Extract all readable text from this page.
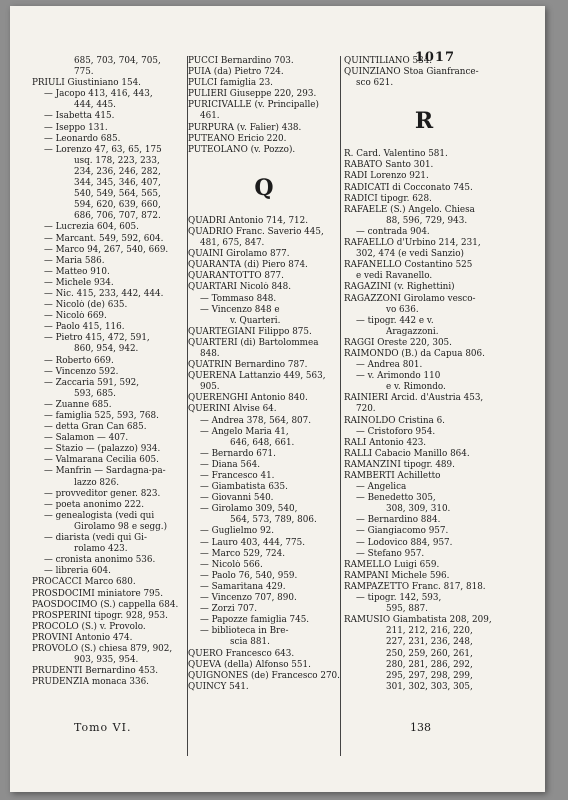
1017
685, 703, 704, 705,
775.
PRIULI Giustiniano 154.
— Jacopo 413, 416, 443,
444, 445.
— Isabetta 415.
— Iseppo 131.
— Leonardo 685.
— Lorenzo 47, 63, 65, 175
usq. 178, 223, 233,
234, 236, 246, 282,
344, 345, 346, 407,
540, 549, 564, 565,
594, 620, 639, 660,
686, 706, 707, 872.
— Lucrezia 604, 605.
— Marcant. 549, 592, 604.
— Marco 94, 267, 540, 669.
— Maria 586.
— Matteo 910.
— Michele 934.
— Nic. 415, 233, 442, 444.
— Nicolò (de) 635.
— Nicolò 669.
— Paolo 415, 116.
— Pietro 415, 472, 591,
860, 954, 942.
— Roberto 669.
— Vincenzo 592.
— Zaccaria 591, 592,
593, 685.
— Zuanne 685.
— famiglia 525, 593, 768.
— detta Gran Can 685.
— Salamon — 407.
— Stazio — (palazzo) 934.
— Valmarana Cecilia 605.
— Manfrin — Sardagna-pa-
lazzo 826.
— provveditor gener. 823.
— poeta anonimo 222.
— genealogista (vedi qui
Girolamo 98 e segg.)
— diarista (vedi qui Gi-
rolamo 423.
— cronista anonimo 536.
— libreria 604.
PROCACCI Marco 680.
PROSDOCIMI miniatore 795.
PAOSDOCIMO (S.) cappella 684.
PROSPERINI tipogr. 928, 953.
PROCOLO (S.) v. Provolo.
PROVINI Antonio 474.
PROVOLO (S.) chiesa 879, 902,
903, 935, 954.
PRUDENTI Bernardino 453.
PRUDENZIA monaca 336.
PUCCI Bernardino 703.
PUIA (da) Pietro 724.
PULCI famiglia 23.
PULIERI Giuseppe 220, 293.
PURICIVALLE (v. Principalle)
461.
PURPURA (v. Falier) 438.
PUTEANO Ericio 220.
PUTEOLANO (v. Pozzo).
Q
QUADRI Antonio 714, 712.
QUADRIO Franc. Saverio 445,
481, 675, 847.
QUAINI Girolamo 877.
QUARANTA (di) Piero 874.
QUARANTOTTO 877.
QUARTARI Nicolò 848.
— Tommaso 848.
— Vincenzo 848 e
v. Quarteri.
QUARTEGIANI Filippo 875.
QUARTERI (di) Bartolommea
848.
QUATRIN Bernardino 787.
QUERENA Lattanzio 449, 563,
905.
QUERENGHI Antonio 840.
QUERINI Alvise 64.
— Andrea 378, 564, 807.
— Angelo Maria 41,
646, 648, 661.
— Bernardo 671.
— Diana 564.
— Francesco 41.
— Giambatista 635.
— Giovanni 540.
— Girolamo 309, 540,
564, 573, 789, 806.
— Guglielmo 92.
— Lauro 403, 444, 775.
— Marco 529, 724.
— Nicolò 566.
— Paolo 76, 540, 959.
— Samaritana 429.
— Vincenzo 707, 890.
— Zorzi 707.
— Papozze famiglia 745.
— biblioteca in Bre-
scia 881.
QUERO Francesco 643.
QUEVA (della) Alfonso 551.
QUIGNONES (de) Francesco 270.
QUINCY 541.
QUINTILIANO 534.
QUINZIANO Stoa Gianfrance-
sco 621.
R
R. Card. Valentino 581.
RABATO Santo 301.
RADI Lorenzo 921.
RADICATI di Cocconato 745.
RADICI tipogr. 628.
RAFAELE (S.) Angelo. Chiesa
88, 596, 729, 943.
— contrada 904.
RAFAELLO d'Urbino 214, 231,
302, 474 (e vedi Sanzio)
RAFANELLO Costantino 525
e vedi Ravanello.
RAGAZINI (v. Righettini)
RAGAZZONI Girolamo vesco-
vo 636.
— tipogr. 442 e v.
Aragazzoni.
RAGGI Oreste 220, 305.
RAIMONDO (B.) da Capua 806.
— Andrea 801.
— v. Arimondo 110
e v. Rimondo.
RAINIERI Arcid. d'Austria 453,
720.
RAINOLDO Cristina 6.
— Cristoforo 954.
RALI Antonio 423.
RALLI Cabacio Manillo 864.
RAMANZINI tipogr. 489.
RAMBERTI Achilletto
— Angelica
— Benedetto 305,
308, 309, 310.
— Bernardino 884.
— Giangiacomo 957.
— Lodovico 884, 957.
— Stefano 957.
RAMELLO Luigi 659.
RAMPANI Michele 596.
RAMPAZETTO Franc. 817, 818.
— tipogr. 142, 593,
595, 887.
RAMUSIO Giambatista 208, 209,
211, 212, 216, 220,
227, 231, 236, 248,
250, 259, 260, 261,
280, 281, 286, 292,
295, 297, 298, 299,
301, 302, 303, 305,
Tomo VI.	138
